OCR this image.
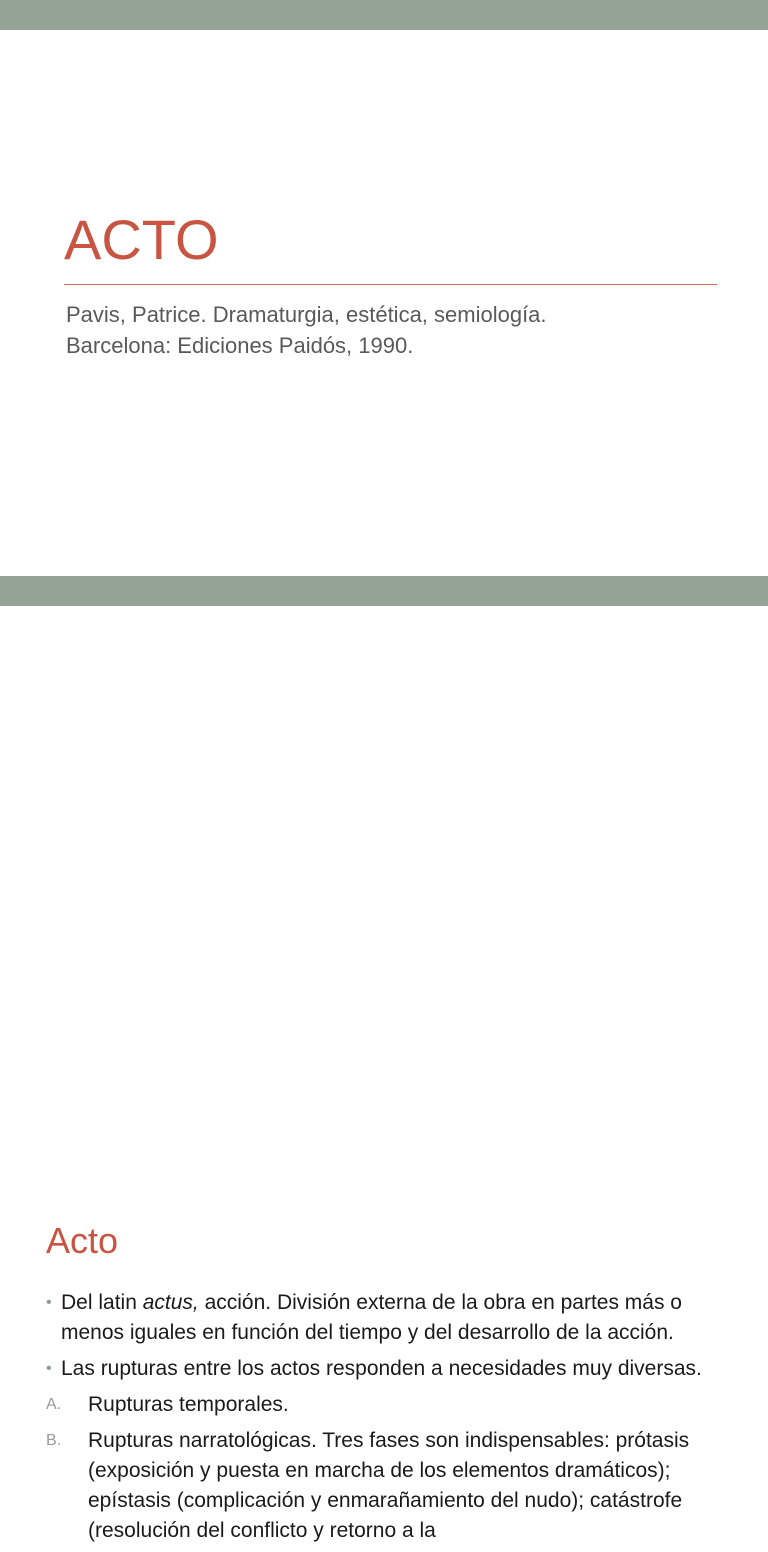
ACTO

Pavis, Patrice. Dramaturgia, estética, semiología. Barcelona: Ediciones Paidós, 1990.

Acto
• Del latin actus, acción. División externa de la obra en partes más o menos iguales en función del tiempo y del desarrollo de la acción.
• Las rupturas entre los actos responden a necesidades muy diversas.
A. Rupturas temporales.
B. Rupturas narratológicas. Tres fases son indispensables: prótasis (exposición y puesta en marcha de los elementos dramáticos); epístasis (complicación y enmarañamiento del nudo); catástrofe (resolución del conflicto y retorno a la
